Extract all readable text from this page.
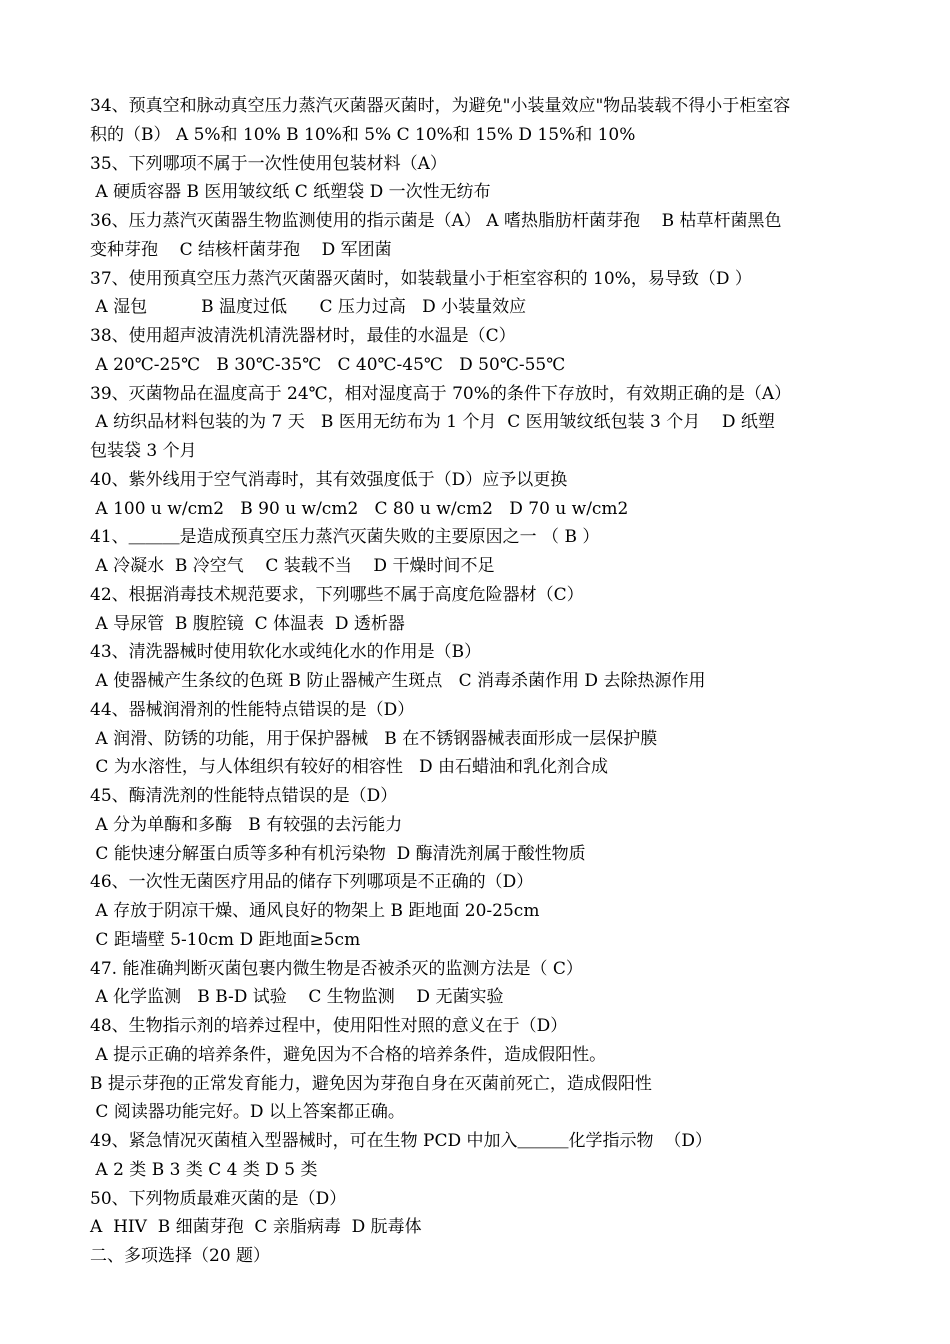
34、预真空和脉动真空压力蒸汽灭菌器灭菌时，为避免"小装量效应"物品装载不得小于柜室容
积的（B） A 5%和 10% B 10%和 5% C 10%和 15% D 15%和 10%
35、下列哪项不属于一次性使用包装材料（A）
A 硬质容器 B 医用皱纹纸 C 纸塑袋 D 一次性无纺布
36、压力蒸汽灭菌器生物监测使用的指示菌是（A） A 嗜热脂肪杆菌芽孢    B 枯草杆菌黑色
变种芽孢    C 结核杆菌芽孢    D 军团菌
37、使用预真空压力蒸汽灭菌器灭菌时，如装载量小于柜室容积的 10%，易导致（D ）
A 湿包          B 温度过低      C 压力过高   D 小装量效应
38、使用超声波清洗机清洗器材时，最佳的水温是（C）
A 20℃-25℃   B 30℃-35℃   C 40℃-45℃   D 50℃-55℃
39、灭菌物品在温度高于 24℃，相对湿度高于 70%的条件下存放时，有效期正确的是（A）
A 纺织品材料包装的为 7 天   B 医用无纺布为 1 个月  C 医用皱纹纸包装 3 个月    D 纸塑
包装袋 3 个月
40、紫外线用于空气消毒时，其有效强度低于（D）应予以更换
A 100 u w/cm2   B 90 u w/cm2   C 80 u w/cm2   D 70 u w/cm2
41、＿＿＿是造成预真空压力蒸汽灭菌失败的主要原因之一 （ B ）
A 冷凝水  B 冷空气    C 装载不当    D 干燥时间不足
42、根据消毒技术规范要求，下列哪些不属于高度危险器材（C）
A 导尿管  B 腹腔镜  C 体温表  D 透析器
43、清洗器械时使用软化水或纯化水的作用是（B）
A 使器械产生条纹的色斑 B 防止器械产生斑点   C 消毒杀菌作用 D 去除热源作用
44、器械润滑剂的性能特点错误的是（D）
A 润滑、防锈的功能，用于保护器械   B 在不锈钢器械表面形成一层保护膜
C 为水溶性，与人体组织有较好的相容性   D 由石蜡油和乳化剂合成
45、酶清洗剂的性能特点错误的是（D）
A 分为单酶和多酶   B 有较强的去污能力
C 能快速分解蛋白质等多种有机污染物  D 酶清洗剂属于酸性物质
46、一次性无菌医疗用品的储存下列哪项是不正确的（D）
A 存放于阴凉干燥、通风良好的物架上 B 距地面 20-25cm
C 距墙壁 5-10cm D 距地面≥5cm
47. 能准确判断灭菌包裹内微生物是否被杀灭的监测方法是（ C）
A 化学监测   B B-D 试验    C 生物监测    D 无菌实验
48、生物指示剂的培养过程中，使用阳性对照的意义在于（D）
A 提示正确的培养条件，避免因为不合格的培养条件，造成假阳性。
B 提示芽孢的正常发育能力，避免因为芽孢自身在灭菌前死亡，造成假阳性
C 阅读器功能完好。D 以上答案都正确。
49、紧急情况灭菌植入型器械时，可在生物 PCD 中加入＿＿＿化学指示物  （D）
A 2 类 B 3 类 C 4 类 D 5 类
50、下列物质最难灭菌的是（D）
A  HIV  B 细菌芽孢  C 亲脂病毒  D 朊毒体
二、多项选择（20 题）
